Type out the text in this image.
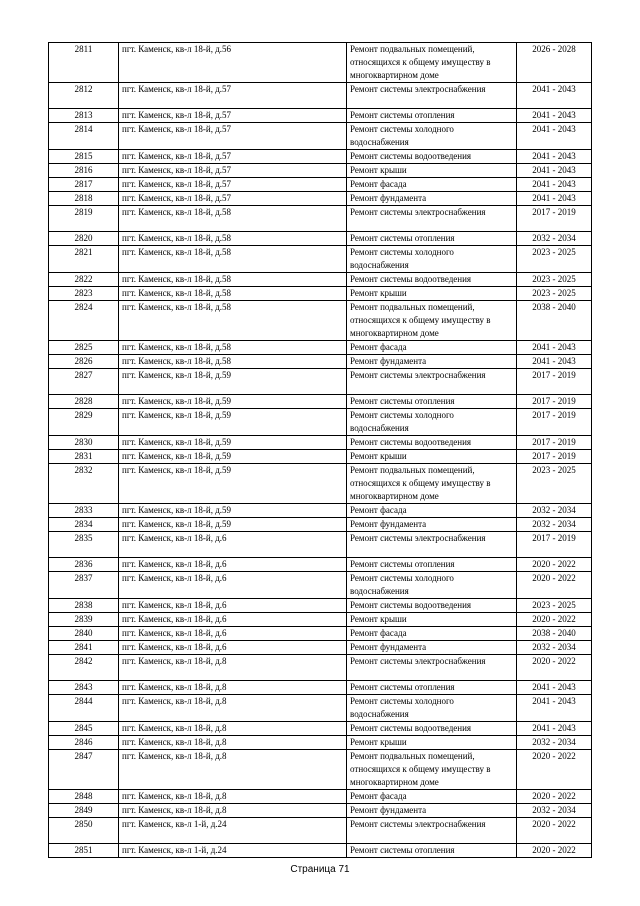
2811	пгт. Каменск, кв-л 18-й, д.56	Ремонт подвальных помещений, относящихся к общему имуществу в многоквартирном доме	2026 - 2028
2812	пгт. Каменск, кв-л 18-й, д.57	Ремонт системы электроснабжения	2041 - 2043
2813	пгт. Каменск, кв-л 18-й, д.57	Ремонт системы отопления	2041 - 2043
2814	пгт. Каменск, кв-л 18-й, д.57	Ремонт системы холодного водоснабжения	2041 - 2043
2815	пгт. Каменск, кв-л 18-й, д.57	Ремонт системы водоотведения	2041 - 2043
2816	пгт. Каменск, кв-л 18-й, д.57	Ремонт крыши	2041 - 2043
2817	пгт. Каменск, кв-л 18-й, д.57	Ремонт фасада	2041 - 2043
2818	пгт. Каменск, кв-л 18-й, д.57	Ремонт фундамента	2041 - 2043
2819	пгт. Каменск, кв-л 18-й, д.58	Ремонт системы электроснабжения	2017 - 2019
2820	пгт. Каменск, кв-л 18-й, д.58	Ремонт системы отопления	2032 - 2034
2821	пгт. Каменск, кв-л 18-й, д.58	Ремонт системы холодного водоснабжения	2023 - 2025
2822	пгт. Каменск, кв-л 18-й, д.58	Ремонт системы водоотведения	2023 - 2025
2823	пгт. Каменск, кв-л 18-й, д.58	Ремонт крыши	2023 - 2025
2824	пгт. Каменск, кв-л 18-й, д.58	Ремонт подвальных помещений, относящихся к общему имуществу в многоквартирном доме	2038 - 2040
2825	пгт. Каменск, кв-л 18-й, д.58	Ремонт фасада	2041 - 2043
2826	пгт. Каменск, кв-л 18-й, д.58	Ремонт фундамента	2041 - 2043
2827	пгт. Каменск, кв-л 18-й, д.59	Ремонт системы электроснабжения	2017 - 2019
2828	пгт. Каменск, кв-л 18-й, д.59	Ремонт системы отопления	2017 - 2019
2829	пгт. Каменск, кв-л 18-й, д.59	Ремонт системы холодного водоснабжения	2017 - 2019
2830	пгт. Каменск, кв-л 18-й, д.59	Ремонт системы водоотведения	2017 - 2019
2831	пгт. Каменск, кв-л 18-й, д.59	Ремонт крыши	2017 - 2019
2832	пгт. Каменск, кв-л 18-й, д.59	Ремонт подвальных помещений, относящихся к общему имуществу в многоквартирном доме	2023 - 2025
2833	пгт. Каменск, кв-л 18-й, д.59	Ремонт фасада	2032 - 2034
2834	пгт. Каменск, кв-л 18-й, д.59	Ремонт фундамента	2032 - 2034
2835	пгт. Каменск, кв-л 18-й, д.6	Ремонт системы электроснабжения	2017 - 2019
2836	пгт. Каменск, кв-л 18-й, д.6	Ремонт системы отопления	2020 - 2022
2837	пгт. Каменск, кв-л 18-й, д.6	Ремонт системы холодного водоснабжения	2020 - 2022
2838	пгт. Каменск, кв-л 18-й, д.6	Ремонт системы водоотведения	2023 - 2025
2839	пгт. Каменск, кв-л 18-й, д.6	Ремонт крыши	2020 - 2022
2840	пгт. Каменск, кв-л 18-й, д.6	Ремонт фасада	2038 - 2040
2841	пгт. Каменск, кв-л 18-й, д.6	Ремонт фундамента	2032 - 2034
2842	пгт. Каменск, кв-л 18-й, д.8	Ремонт системы электроснабжения	2020 - 2022
2843	пгт. Каменск, кв-л 18-й, д.8	Ремонт системы отопления	2041 - 2043
2844	пгт. Каменск, кв-л 18-й, д.8	Ремонт системы холодного водоснабжения	2041 - 2043
2845	пгт. Каменск, кв-л 18-й, д.8	Ремонт системы водоотведения	2041 - 2043
2846	пгт. Каменск, кв-л 18-й, д.8	Ремонт крыши	2032 - 2034
2847	пгт. Каменск, кв-л 18-й, д.8	Ремонт подвальных помещений, относящихся к общему имуществу в многоквартирном доме	2020 - 2022
2848	пгт. Каменск, кв-л 18-й, д.8	Ремонт фасада	2020 - 2022
2849	пгт. Каменск, кв-л 18-й, д.8	Ремонт фундамента	2032 - 2034
2850	пгт. Каменск, кв-л 1-й, д.24	Ремонт системы электроснабжения	2020 - 2022
2851	пгт. Каменск, кв-л 1-й, д.24	Ремонт системы отопления	2020 - 2022
Страница 71
